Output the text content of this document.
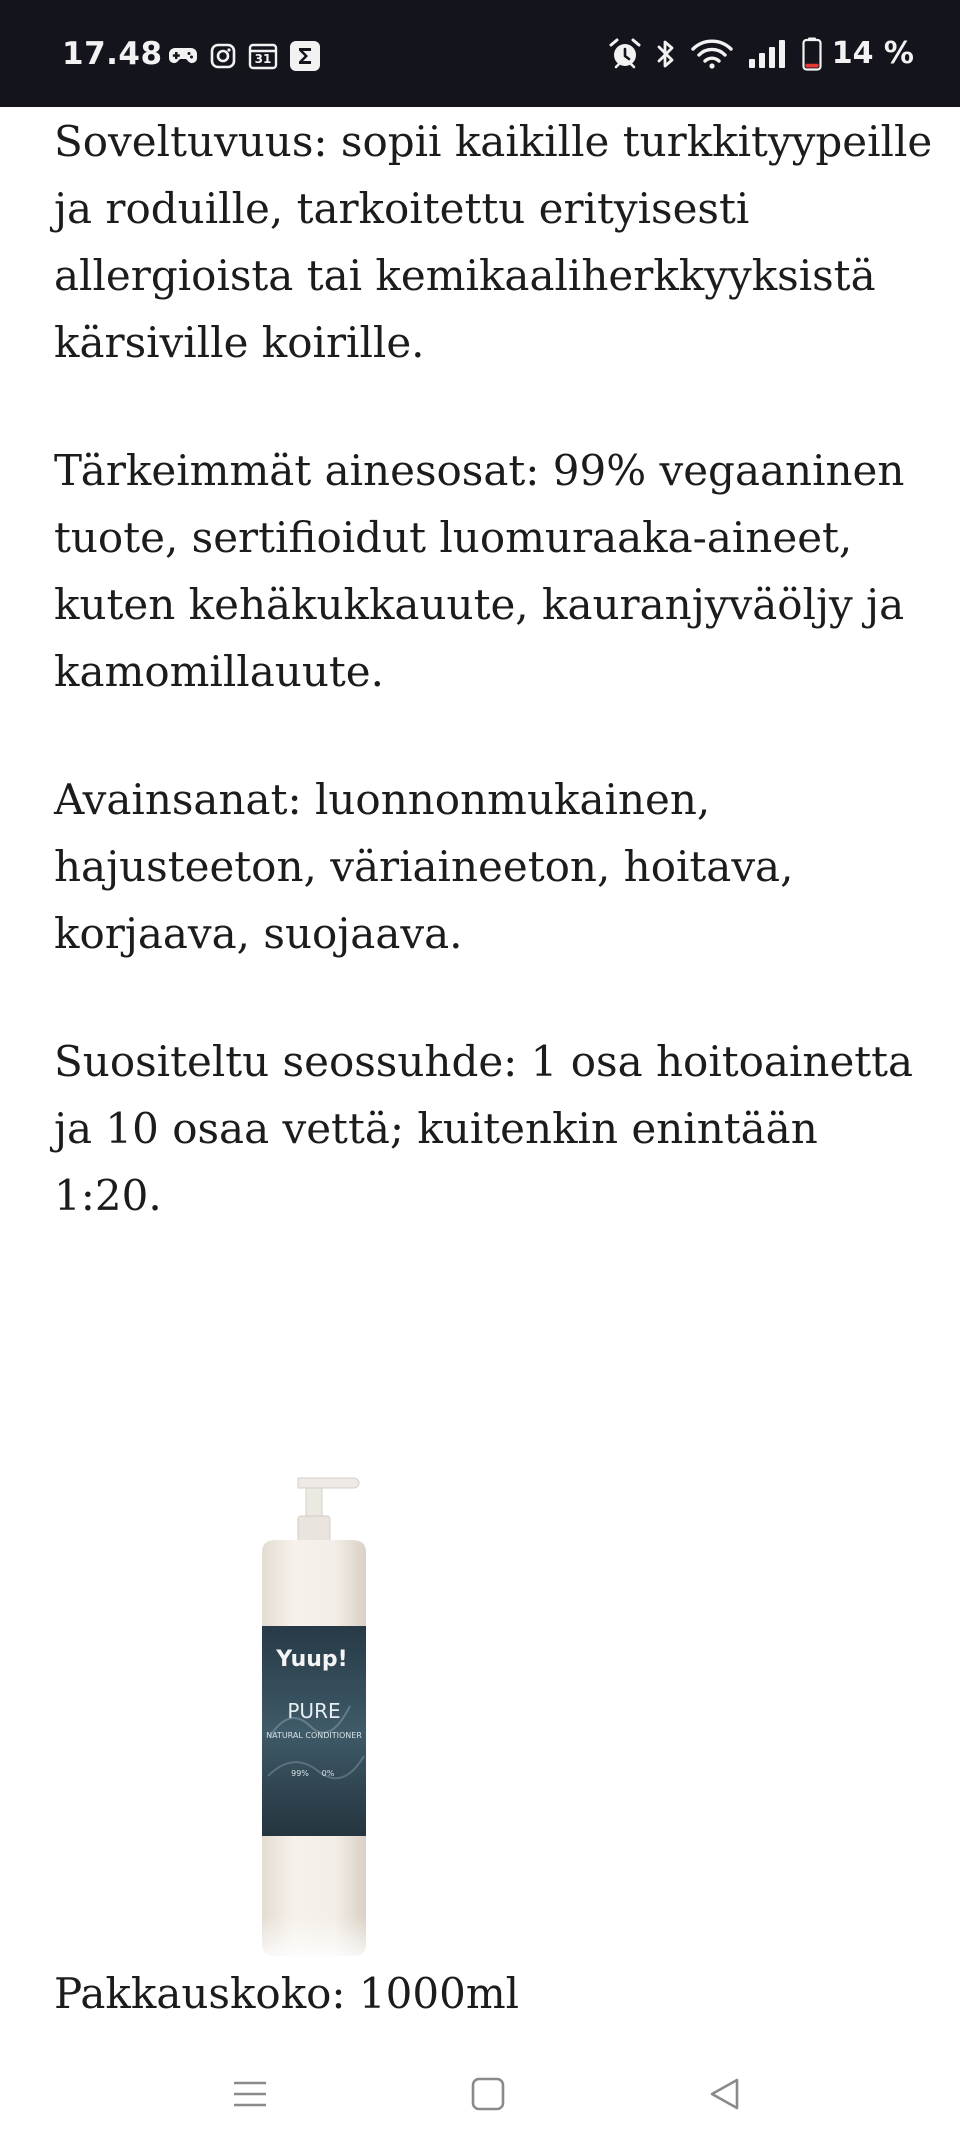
17.48	31	14 %

Soveltuvuus: sopii kaikille turkkityypeille ja roduille, tarkoitettu erityisesti allergioista tai kemikaaliherkkyyksistä kärsiville koirille.

Tärkeimmät ainesosat: 99% vegaaninen tuote, sertifioidut luomuraaka-aineet, kuten kehäkukkauute, kauranjyväöljy ja kamomillauute.

Avainsanat: luonnonmukainen, hajusteeton, väriaineeton, hoitava, korjaava, suojaava.

Suositeltu seossuhde: 1 osa hoitoainetta ja 10 osaa vettä; kuitenkin enintään 1:20.

Yuup!
PURE
NATURAL CONDITIONER
99% 0%
Pakkauskoko: 1000ml
